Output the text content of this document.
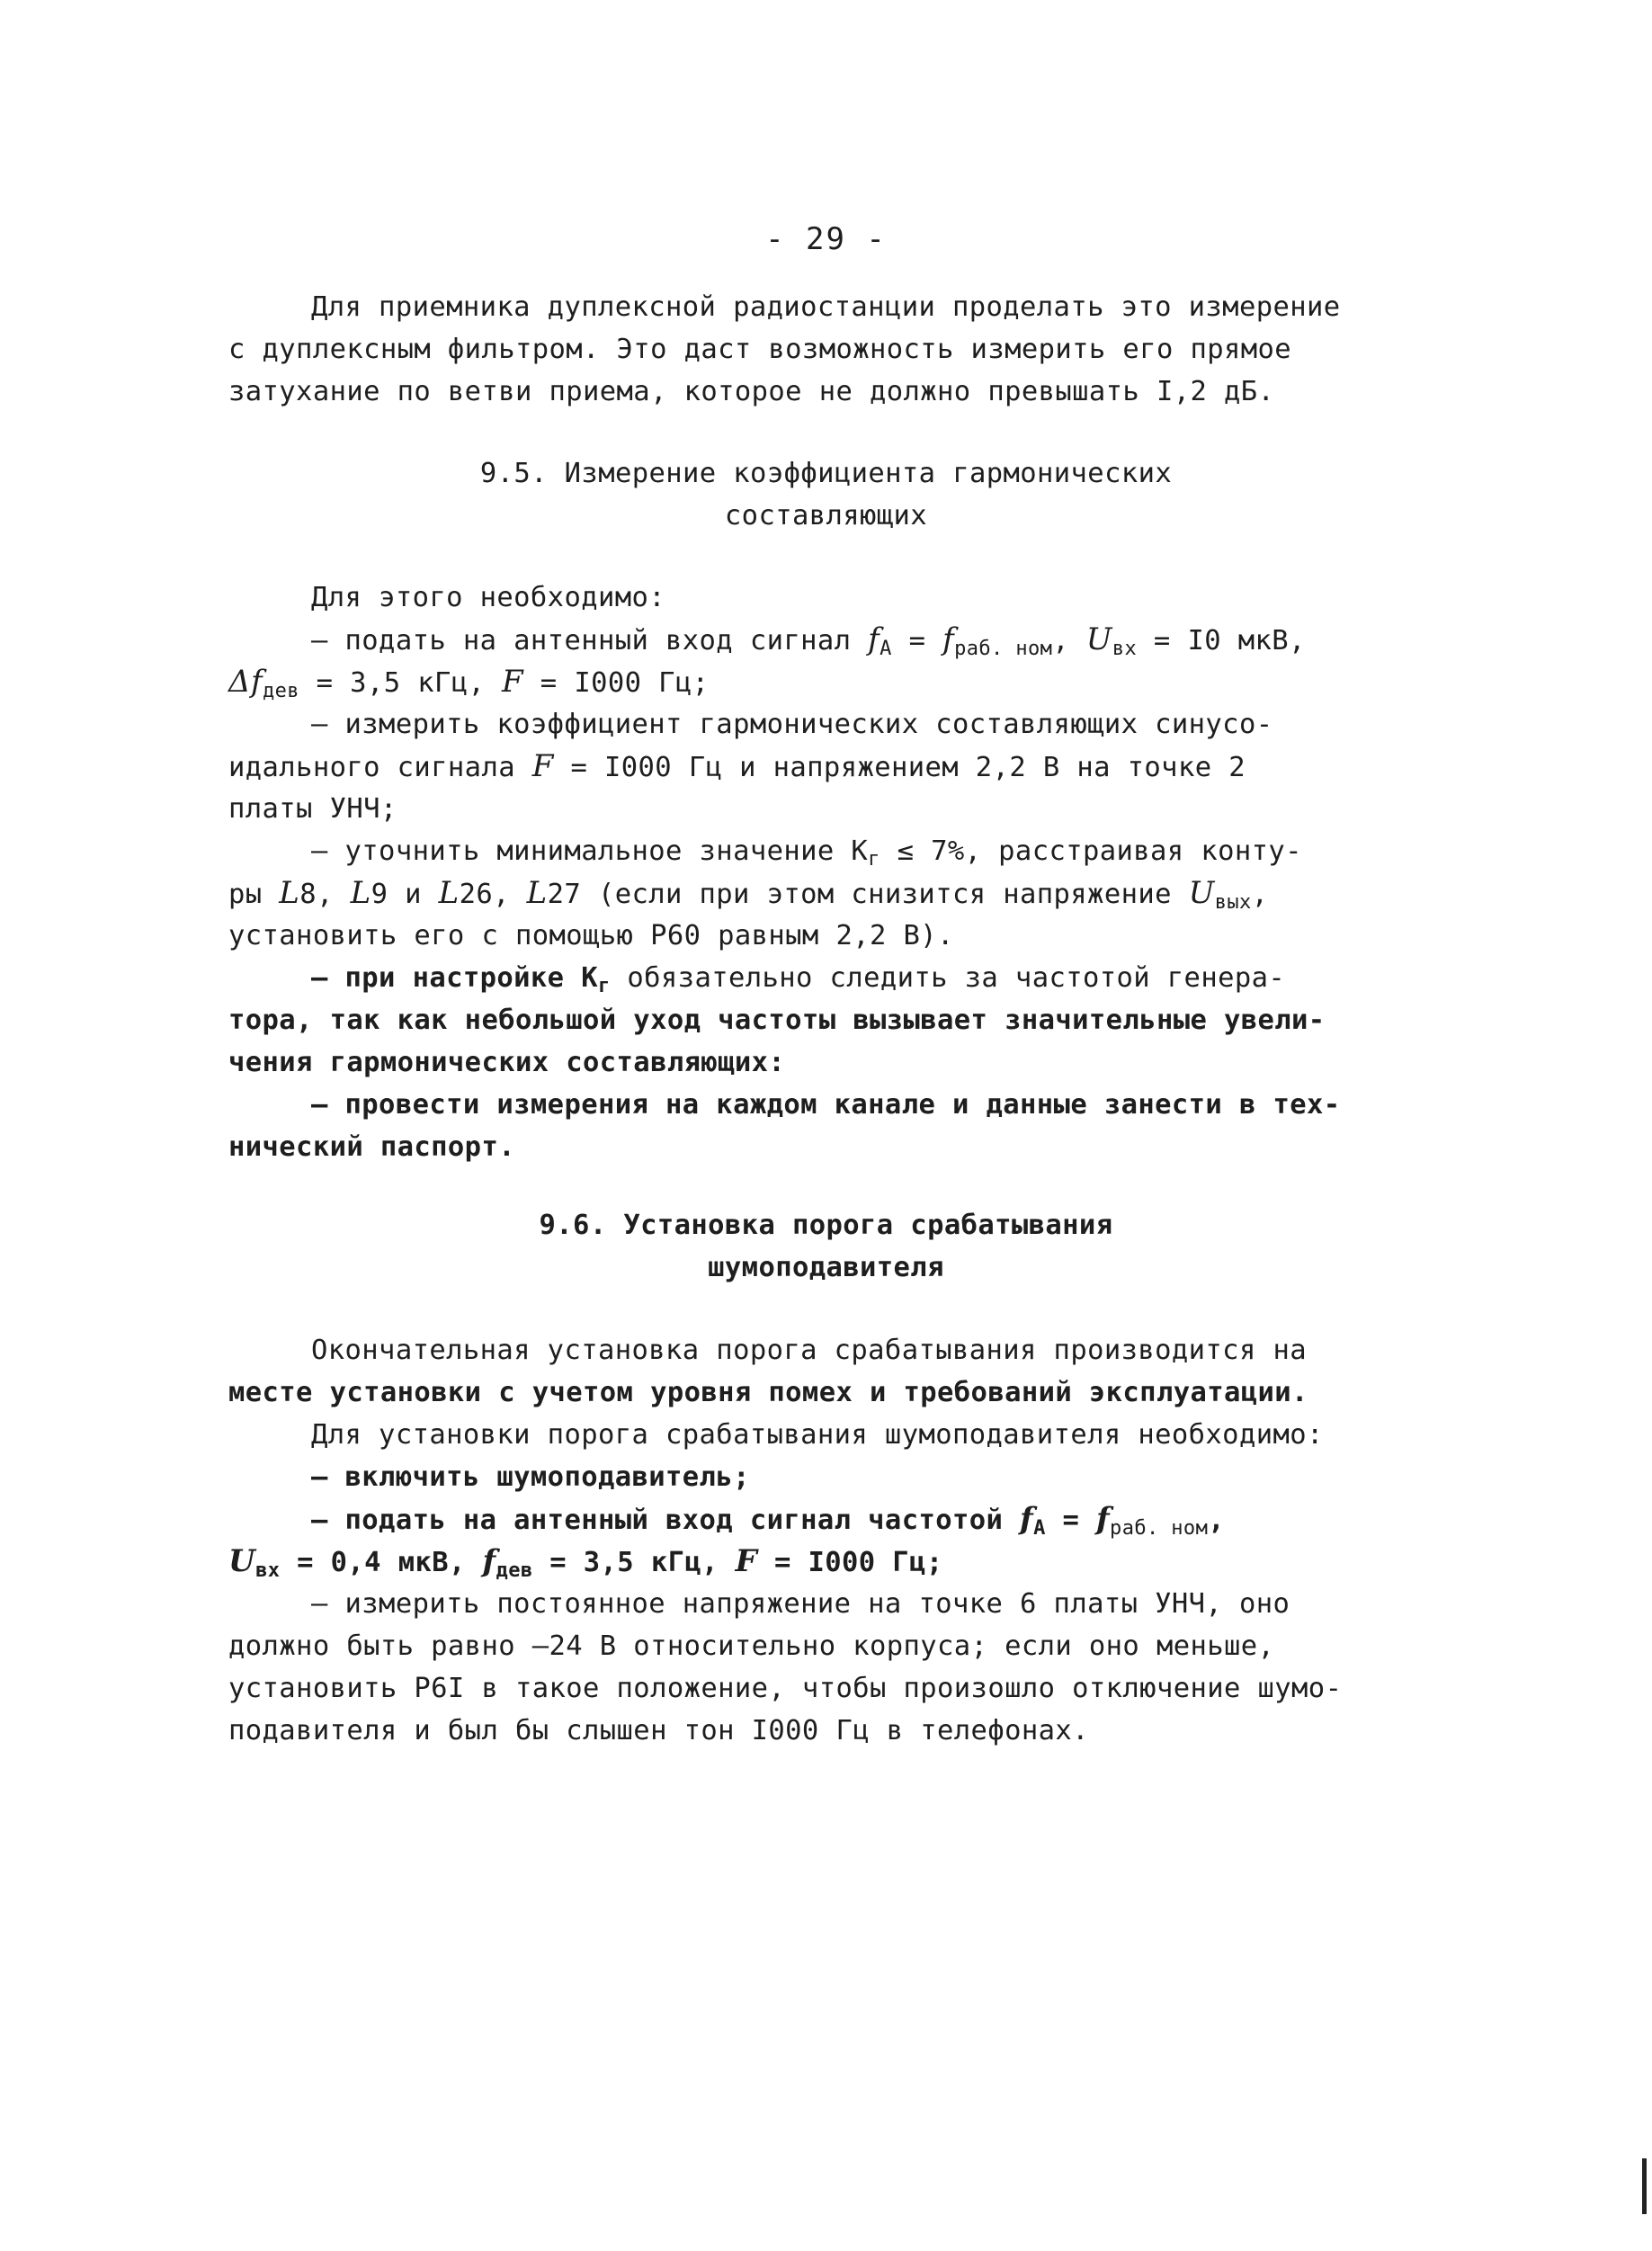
- 29 -
Для приемника дуплексной радиостанции проделать это измерение
с дуплексным фильтром. Это даст возможность измерить его прямое
затухание по ветви приема, которое не должно превышать I,2 дБ.
9.5. Измерение коэффициента гармонических
составляющих
Для этого необходимо:
– подать на антенный вход сигнал $f_A = f_{раб. ном}$, $U_{вх} = I0$ мкВ,
$\Delta f_{дев} = 3,5$ кГц, F = I000 Гц;
– измерить коэффициент гармонических составляющих синусо-
идального сигнала F = I000 Гц и напряжением 2,2 В на точке 2
платы УНЧ;
– уточнить минимальное значение $К_г \le 7\%$, расстраивая конту-
ры L8, L9 и L26, L27 (если при этом снизится напряжение $U_{вых}$,
установить его с помощью Р60 равным 2,2 В).
– при настройке $К_г$ обязательно следить за частотой генера-
тора, так как небольшой уход частоты вызывает значительные увели-
чения гармонических составляющих:
– провести измерения на каждом канале и данные занести в тех-
нический паспорт.
9.6. Установка порога срабатывания
шумоподавителя
Окончательная установка порога срабатывания производится на
месте установки с учетом уровня помех и требований эксплуатации.
Для установки порога срабатывания шумоподавителя необходимо:
– включить шумоподавитель;
– подать на антенный вход сигнал частотой $f_A = f_{раб. ном}$,
$U_{вх} = 0,4$ мкВ, $f_{дев} = 3,5$ кГц, F = I000 Гц;
– измерить постоянное напряжение на точке 6 платы УНЧ, оно
должно быть равно –24 В относительно корпуса; если оно меньше,
установить Р6I в такое положение, чтобы произошло отключение шумо-
подавителя и был бы слышен тон I000 Гц в телефонах.
